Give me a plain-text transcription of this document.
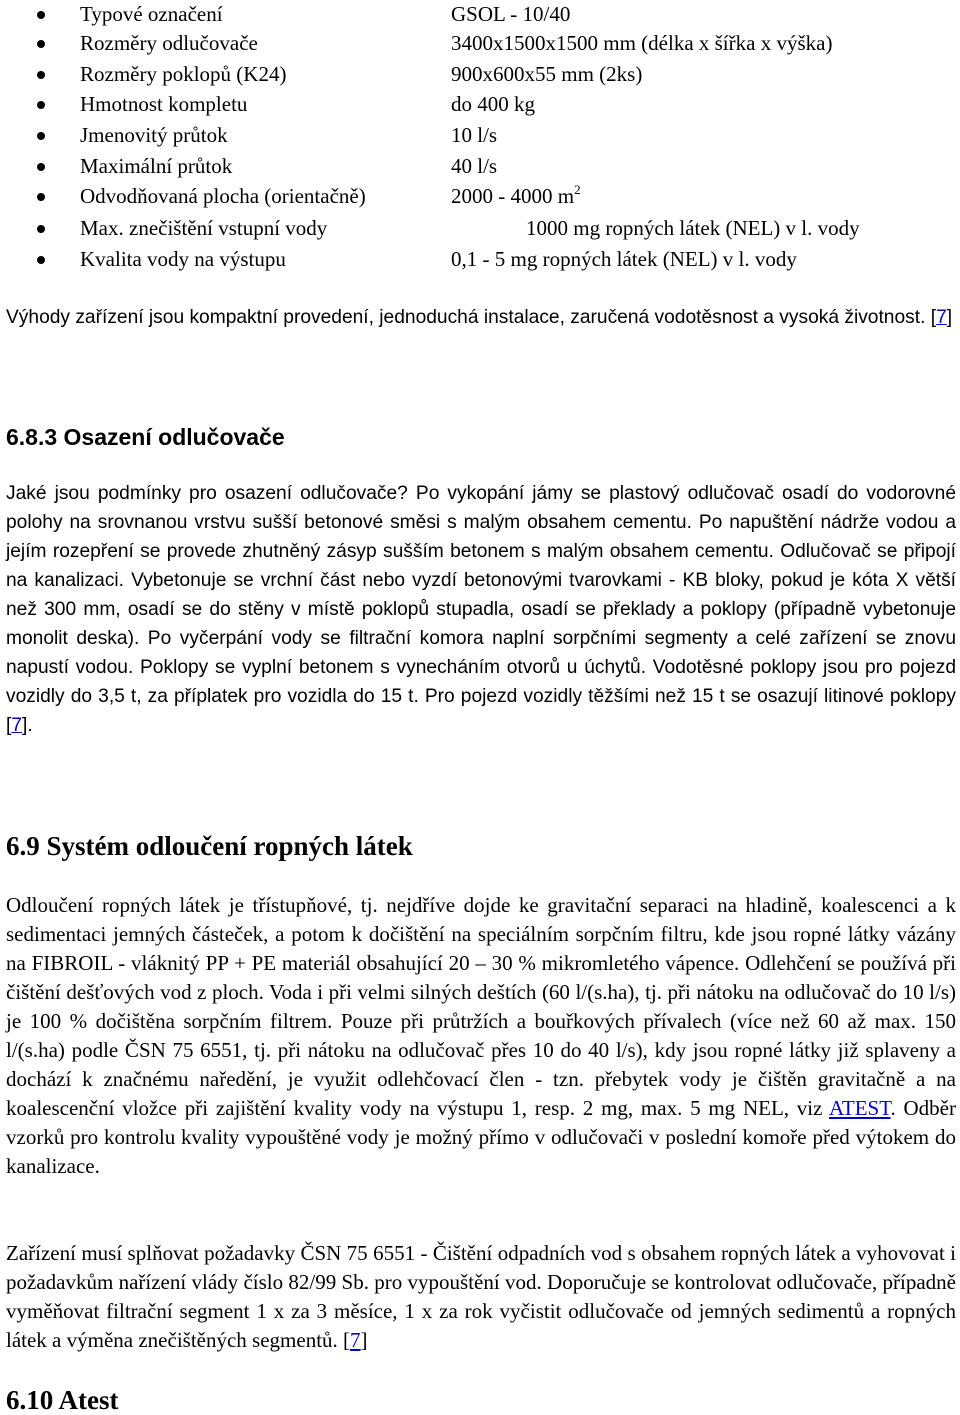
Typové označení	GSOL - 10/40
Rozměry odlučovače	3400x1500x1500 mm (délka x šířka x výška)
Rozměry poklopů (K24)	900x600x55 mm (2ks)
Hmotnost kompletu	do 400 kg
Jmenovitý průtok	10 l/s
Maximální průtok	40 l/s
Odvodňovaná plocha (orientačně)	2000 - 4000 $m^2$
Max. znečištění vstupní vody	1000 mg ropných látek (NEL) v l. vody
Kvalita vody na výstupu	0,1 - 5 mg ropných látek (NEL) v l. vody

Výhody zařízení jsou kompaktní provedení, jednoduchá instalace, zaručená vodotěsnost a vysoká životnost. [7]

6.8.3 Osazení odlučovače

Jaké jsou podmínky pro osazení odlučovače? Po vykopání jámy se plastový odlučovač osadí do vodorovné polohy na srovnanou vrstvu sušší betonové směsi s malým obsahem cementu. Po napuštění nádrže vodou a jejím rozepření se provede zhutněný zásyp sušším betonem s malým obsahem cementu. Odlučovač se připojí na kanalizaci. Vybetonuje se vrchní část nebo vyzdí betonovými tvarovkami - KB bloky, pokud je kóta X větší než 300 mm, osadí se do stěny v místě poklopů stupadla, osadí se překlady a poklopy (případně vybetonuje monolit deska). Po vyčerpání vody se filtrační komora naplní sorpčními segmenty a celé zařízení se znovu napustí vodou. Poklopy se vyplní betonem s vynecháním otvorů u úchytů. Vodotěsné poklopy jsou pro pojezd vozidly do 3,5 t, za příplatek pro vozidla do 15 t. Pro pojezd vozidly těžšími než 15 t se osazují litinové poklopy [7].

6.9 Systém odloučení ropných látek

Odloučení ropných látek je třístupňové, tj. nejdříve dojde ke gravitační separaci na hladině, koalescenci a k sedimentaci jemných částeček, a potom k dočištění na speciálním sorpčním filtru, kde jsou ropné látky vázány na FIBROIL - vláknitý PP + PE materiál obsahující 20 – 30 % mikromletého vápence. Odlehčení se používá při čištění dešťových vod z ploch. Voda i při velmi silných deštích (60 l/(s.ha), tj. při nátoku na odlučovač do 10 l/s) je 100 % dočištěna sorpčním filtrem. Pouze při průtržích a bouřkových přívalech (více než 60 až max. 150 l/(s.ha) podle ČSN 75 6551, tj. při nátoku na odlučovač přes 10 do 40 l/s), kdy jsou ropné látky již splaveny a dochází k značnému naředění, je využit odlehčovací člen - tzn. přebytek vody je čištěn gravitačně a na koalescenční vložce při zajištění kvality vody na výstupu 1, resp. 2 mg, max. 5 mg NEL, viz ATEST. Odběr vzorků pro kontrolu kvality vypouštěné vody je možný přímo v odlučovači v poslední komoře před výtokem do kanalizace.

Zařízení musí splňovat požadavky ČSN 75 6551 - Čištění odpadních vod s obsahem ropných látek a vyhovovat i požadavkům nařízení vlády číslo 82/99 Sb. pro vypouštění vod. Doporučuje se kontrolovat odlučovače, případně vyměňovat filtrační segment 1 x za 3 měsíce, 1 x za rok vyčistit odlučovače od jemných sedimentů a ropných látek a výměna znečištěných segmentů. [7]

6.10 Atest
